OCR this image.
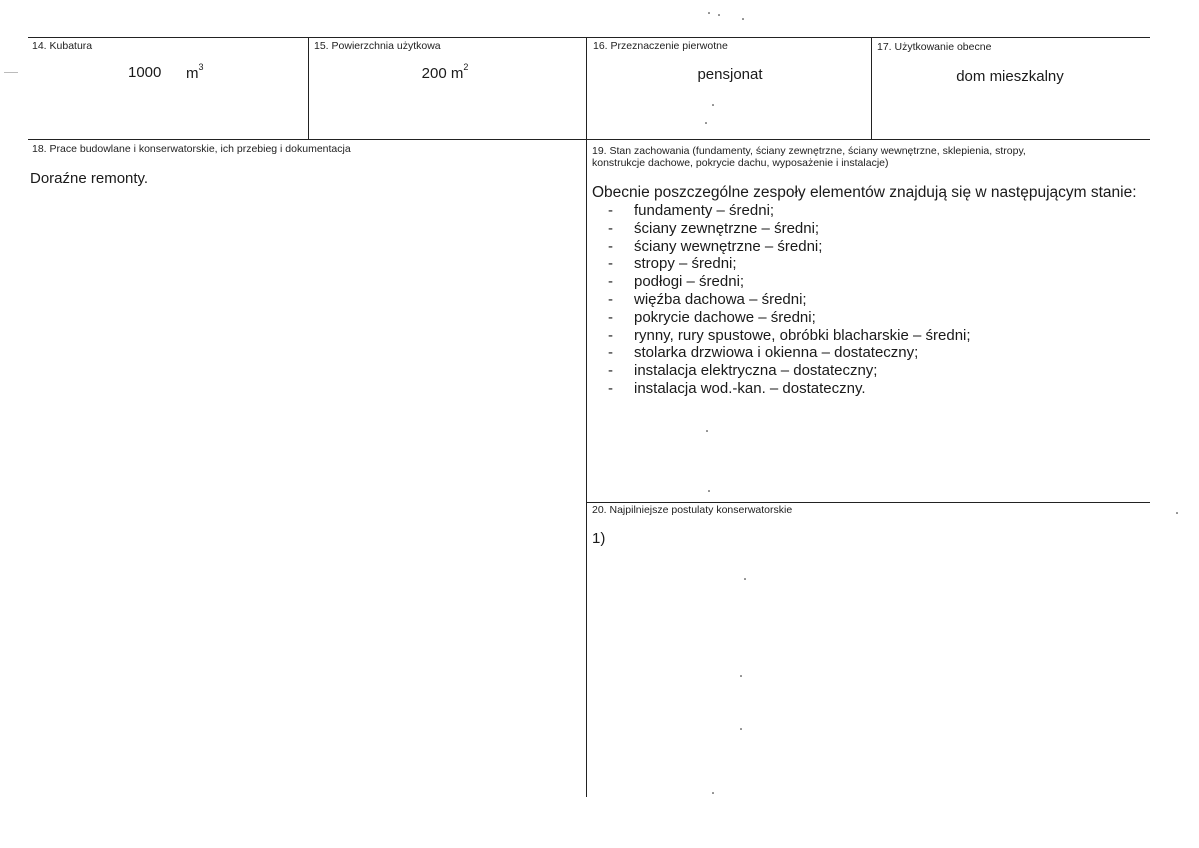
14. Kubatura
1000 $m^3$
15. Powierzchnia użytkowa
200 $m^2$
16. Przeznaczenie pierwotne
pensjonat
17. Użytkowanie obecne
dom mieszkalny
18. Prace budowlane i konserwatorskie, ich przebieg i dokumentacja
Doraźne remonty.
19. Stan zachowania (fundamenty, ściany zewnętrzne, ściany wewnętrzne, sklepienia, stropy,
konstrukcje dachowe, pokrycie dachu, wyposażenie i instalacje)
Obecnie poszczególne zespoły elementów znajdują się w następującym stanie:
- fundamenty – średni;
- ściany zewnętrzne – średni;
- ściany wewnętrzne – średni;
- stropy – średni;
- podłogi – średni;
- więźba dachowa – średni;
- pokrycie dachowe – średni;
- rynny, rury spustowe, obróbki blacharskie – średni;
- stolarka drzwiowa i okienna – dostateczny;
- instalacja elektryczna – dostateczny;
- instalacja wod.-kan. – dostateczny.
20. Najpilniejsze postulaty konserwatorskie
1)
